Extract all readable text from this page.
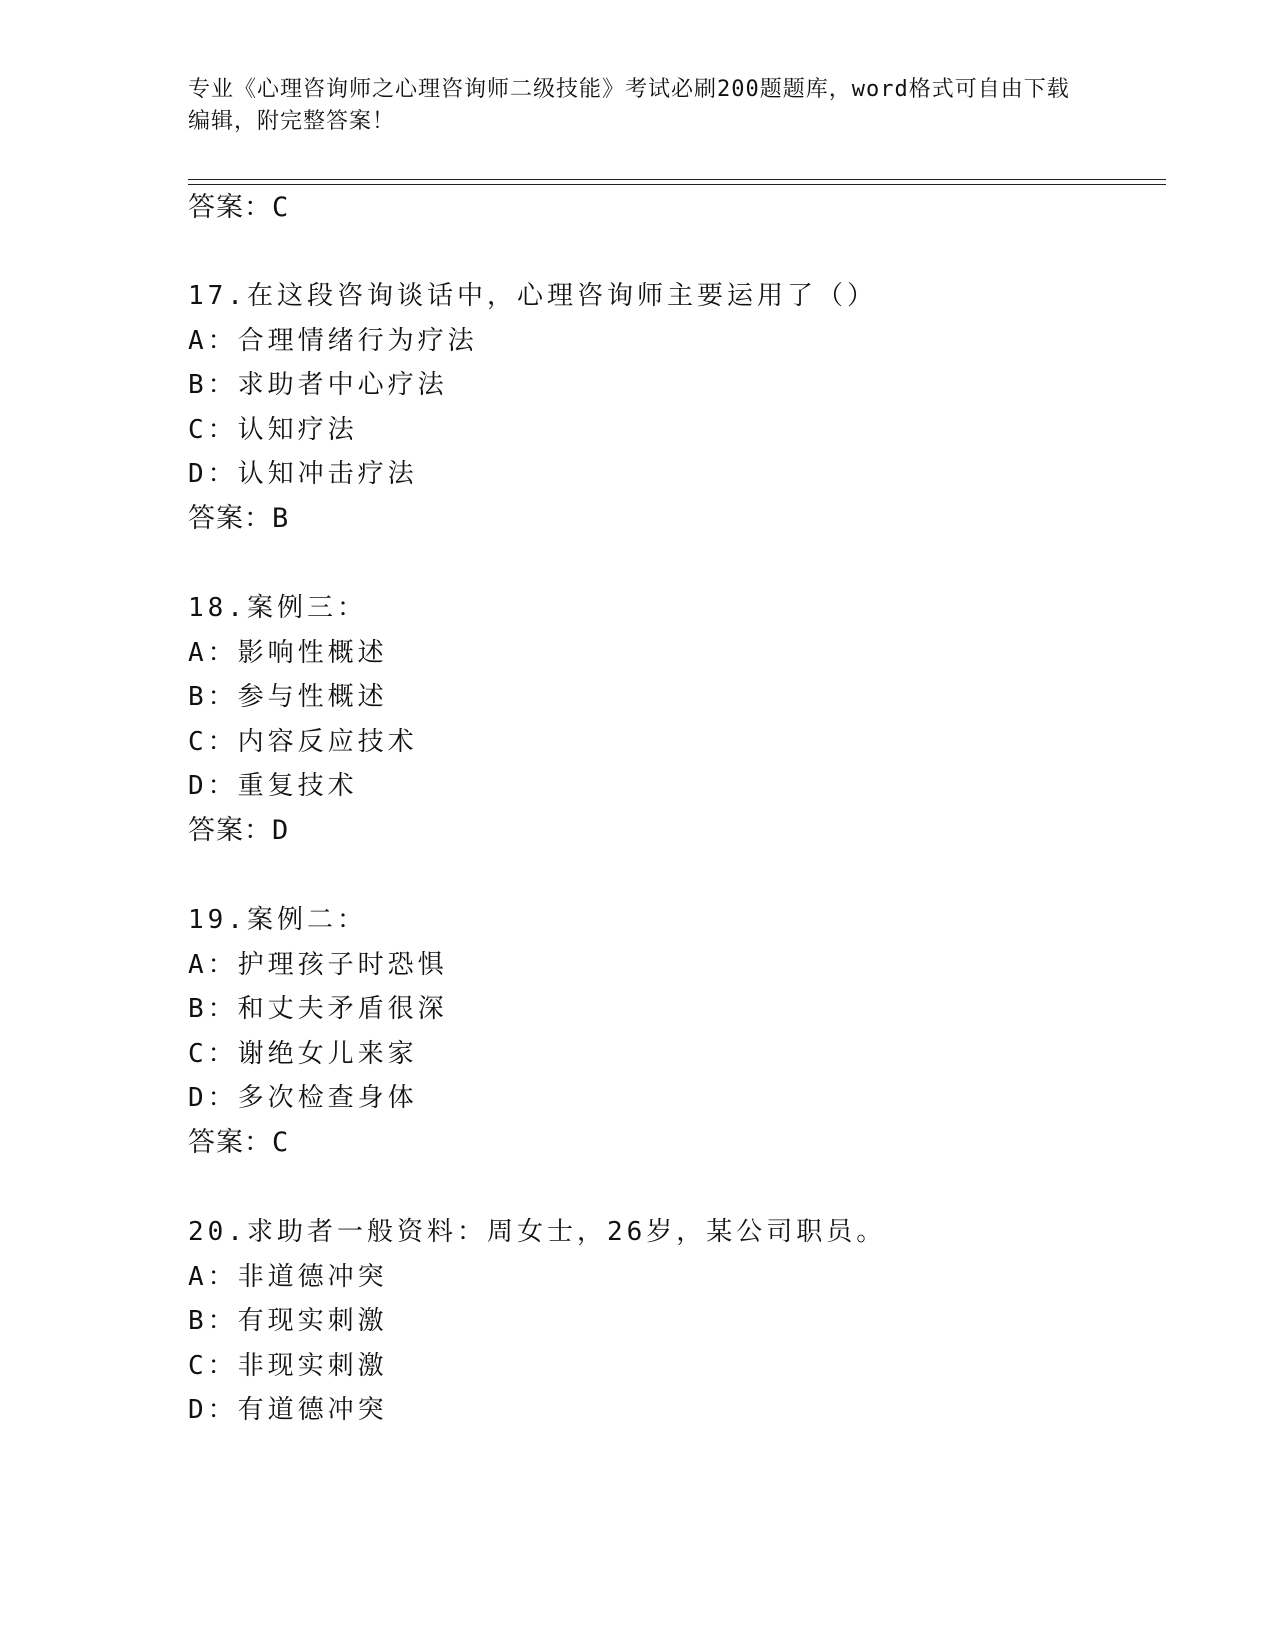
专业《心理咨询师之心理咨询师二级技能》考试必刷200题题库，word格式可自由下载编辑，附完整答案！
答案：C
17.在这段咨询谈话中，心理咨询师主要运用了（）
A：合理情绪行为疗法
B：求助者中心疗法
C：认知疗法
D：认知冲击疗法
答案：B
18.案例三：
A：影响性概述
B：参与性概述
C：内容反应技术
D：重复技术
答案：D
19.案例二：
A：护理孩子时恐惧
B：和丈夫矛盾很深
C：谢绝女儿来家
D：多次检查身体
答案：C
20.求助者一般资料：周女士，26岁，某公司职员。
A：非道德冲突
B：有现实刺激
C：非现实刺激
D：有道德冲突
